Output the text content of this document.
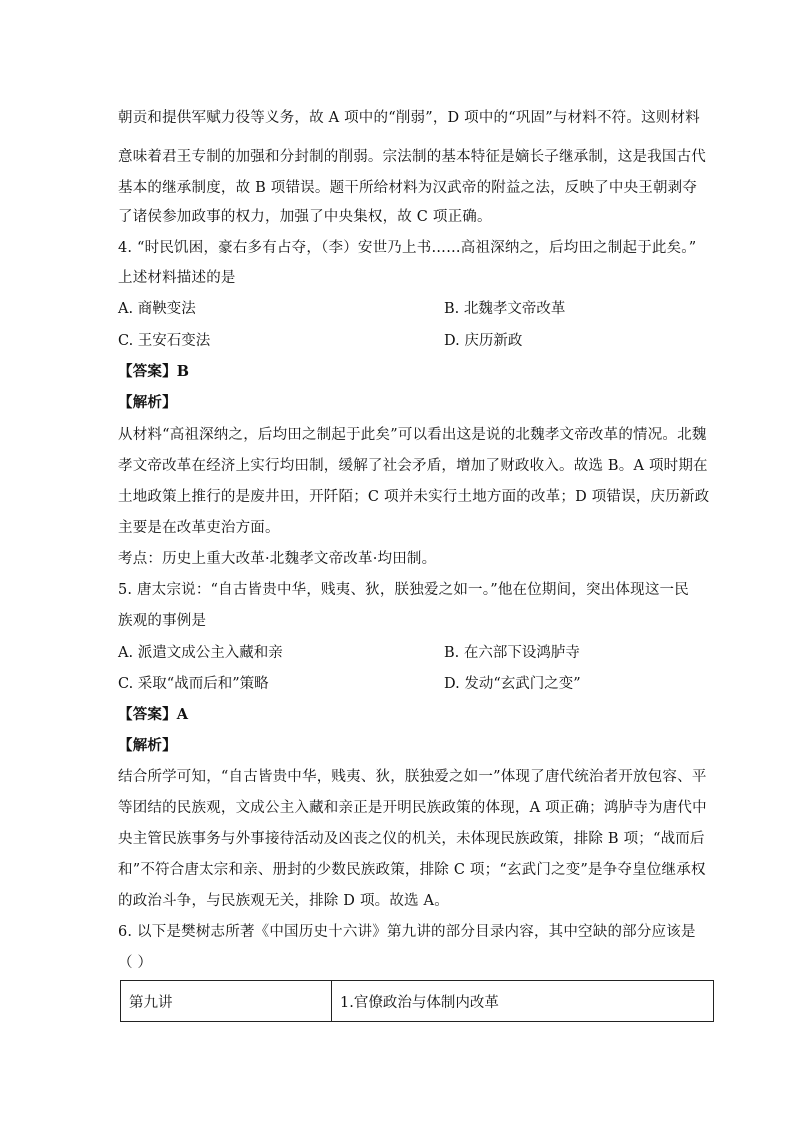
朝贡和提供军赋力役等义务，故 A 项中的“削弱”，D 项中的“巩固”与材料不符。这则材料
意味着君王专制的加强和分封制的削弱。宗法制的基本特征是嫡长子继承制，这是我国古代
基本的继承制度，故 B 项错误。题干所给材料为汉武帝的附益之法，反映了中央王朝剥夺
了诸侯参加政事的权力，加强了中央集权，故 C 项正确。
4. “时民饥困，豪右多有占夺，（李）安世乃上书……高祖深纳之，后均田之制起于此矣。”
上述材料描述的是
A. 商鞅变法	B. 北魏孝文帝改革
C. 王安石变法	D. 庆历新政
【答案】B
【解析】
从材料“高祖深纳之，后均田之制起于此矣”可以看出这是说的北魏孝文帝改革的情况。北魏
孝文帝改革在经济上实行均田制，缓解了社会矛盾，增加了财政收入。故选 B。A 项时期在
土地政策上推行的是废井田，开阡陌；C 项并未实行土地方面的改革；D 项错误，庆历新政
主要是在改革吏治方面。
考点：历史上重大改革·北魏孝文帝改革·均田制。
5. 唐太宗说：“自古皆贵中华，贱夷、狄，朕独爱之如一。”他在位期间，突出体现这一民
族观的事例是
A. 派遣文成公主入藏和亲	B. 在六部下设鸿胪寺
C. 采取“战而后和”策略	D. 发动“玄武门之变”
【答案】A
【解析】
结合所学可知，“自古皆贵中华，贱夷、狄，朕独爱之如一”体现了唐代统治者开放包容、平
等团结的民族观，文成公主入藏和亲正是开明民族政策的体现，A 项正确；鸿胪寺为唐代中
央主管民族事务与外事接待活动及凶丧之仪的机关，未体现民族政策，排除 B 项；“战而后
和”不符合唐太宗和亲、册封的少数民族政策，排除 C 项；“玄武门之变”是争夺皇位继承权
的政治斗争，与民族观无关，排除 D 项。故选 A。
6. 以下是樊树志所著《中国历史十六讲》第九讲的部分目录内容，其中空缺的部分应该是
（ ）
第九讲	1.官僚政治与体制内改革
